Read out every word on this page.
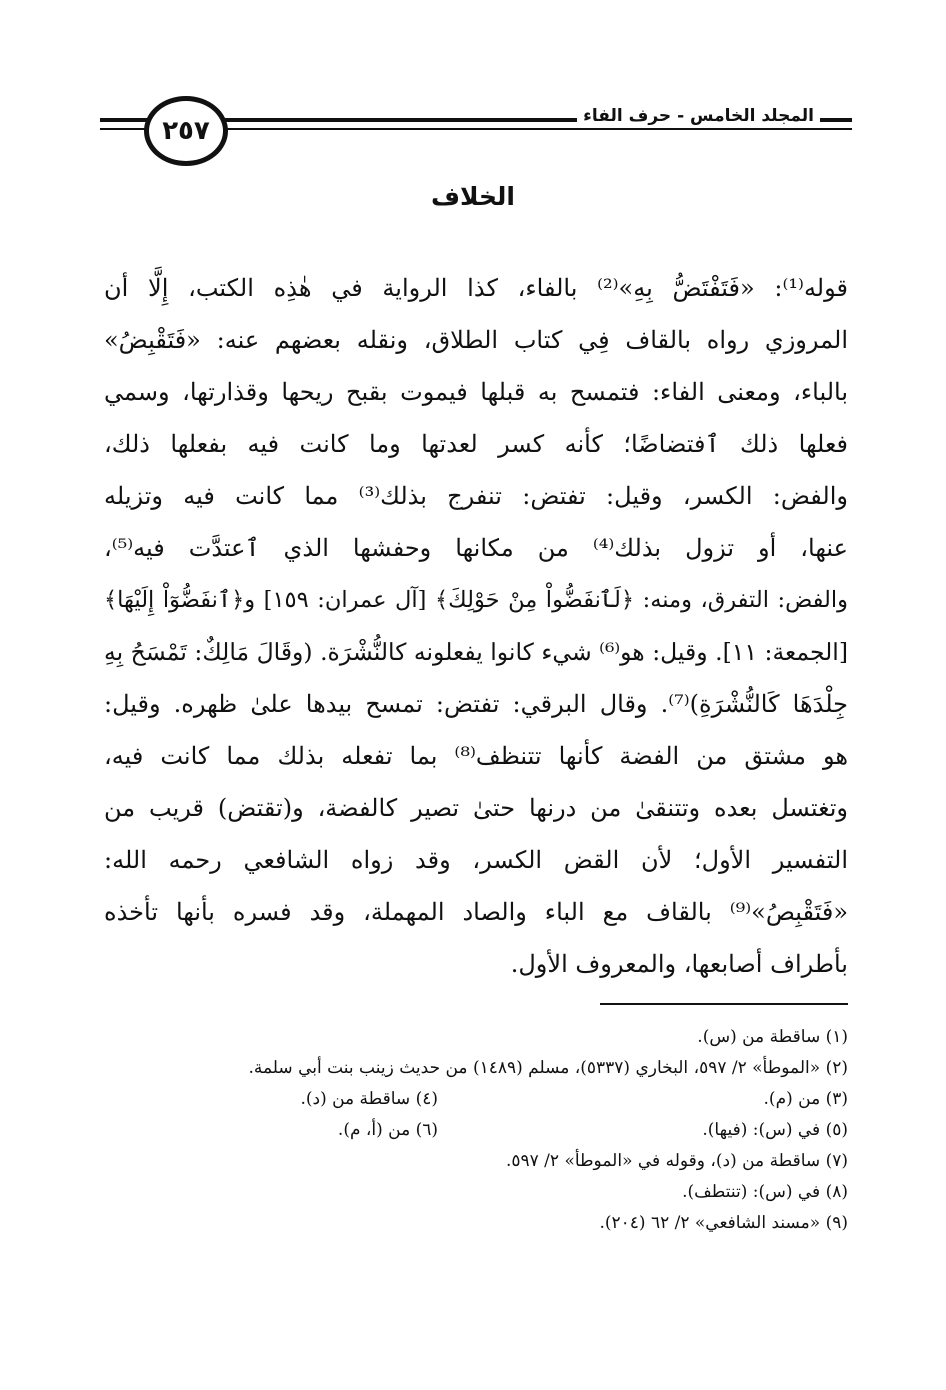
المجلد الخامس - حرف الفاء
٢٥٧
الخلاف
قوله⁽¹⁾: «فَتَفْتَضُّ بِهِ»⁽²⁾ بالفاء، كذا الرواية في هٰذِه الكتب، إِلَّا أن
المروزي رواه بالقاف فِي كتاب الطلاق، ونقله بعضهم عنه: «فَتَقْبِضُ»
بالباء، ومعنى الفاء: فتمسح به قبلها فيموت بقبح ريحها وقذارتها، وسمي
فعلها ذلك ٱفتضاضًا؛ كأنه كسر لعدتها وما كانت فيه بفعلها ذلك،
والفض: الكسر، وقيل: تفتض: تنفرج بذلك⁽³⁾ مما كانت فيه وتزيله
عنها، أو تزول بذلك⁽⁴⁾ من مكانها وحفشها الذي ٱعتدَّت فيه⁽⁵⁾،
والفض: التفرق، ومنه: ﴿لَٱنفَضُّواْ مِنْ حَوْلِكَ﴾ [آل عمران: ١٥٩] و﴿ٱنفَضُّوٓاْ إِلَيْهَا﴾
[الجمعة: ١١]. وقيل: هو⁽⁶⁾ شيء كانوا يفعلونه كالنُّشْرَة. (وقَالَ مَالِكٌ: تَمْسَحُ بِهِ
جِلْدَهَا كَالنُّشْرَةِ)⁽⁷⁾. وقال البرقي: تفتض: تمسح بيدها علىٰ ظهره. وقيل:
هو مشتق من الفضة كأنها تتنظف⁽⁸⁾ بما تفعله بذلك مما كانت فيه،
وتغتسل بعده وتتنقىٰ من درنها حتىٰ تصير كالفضة، و(تقتض) قريب من
التفسير الأول؛ لأن القض الكسر، وقد زواه الشافعي رحمه الله:
«فَتَقْبِصُ»⁽⁹⁾ بالقاف مع الباء والصاد المهملة، وقد فسره بأنها تأخذه
بأطراف أصابعها، والمعروف الأول.
(١) ساقطة من (س).
(٢) «الموطأ» ٢/ ٥٩٧، البخاري (٥٣٣٧)، مسلم (١٤٨٩) من حديث زينب بنت أبي سلمة.
(٣) من (م).
(٤) ساقطة من (د).
(٥) في (س): (فيها).
(٦) من (أ، م).
(٧) ساقطة من (د)، وقوله في «الموطأ» ٢/ ٥٩٧.
(٨) في (س): (تنتطف).
(٩) «مسند الشافعي» ٢/ ٦٢ (٢٠٤).
